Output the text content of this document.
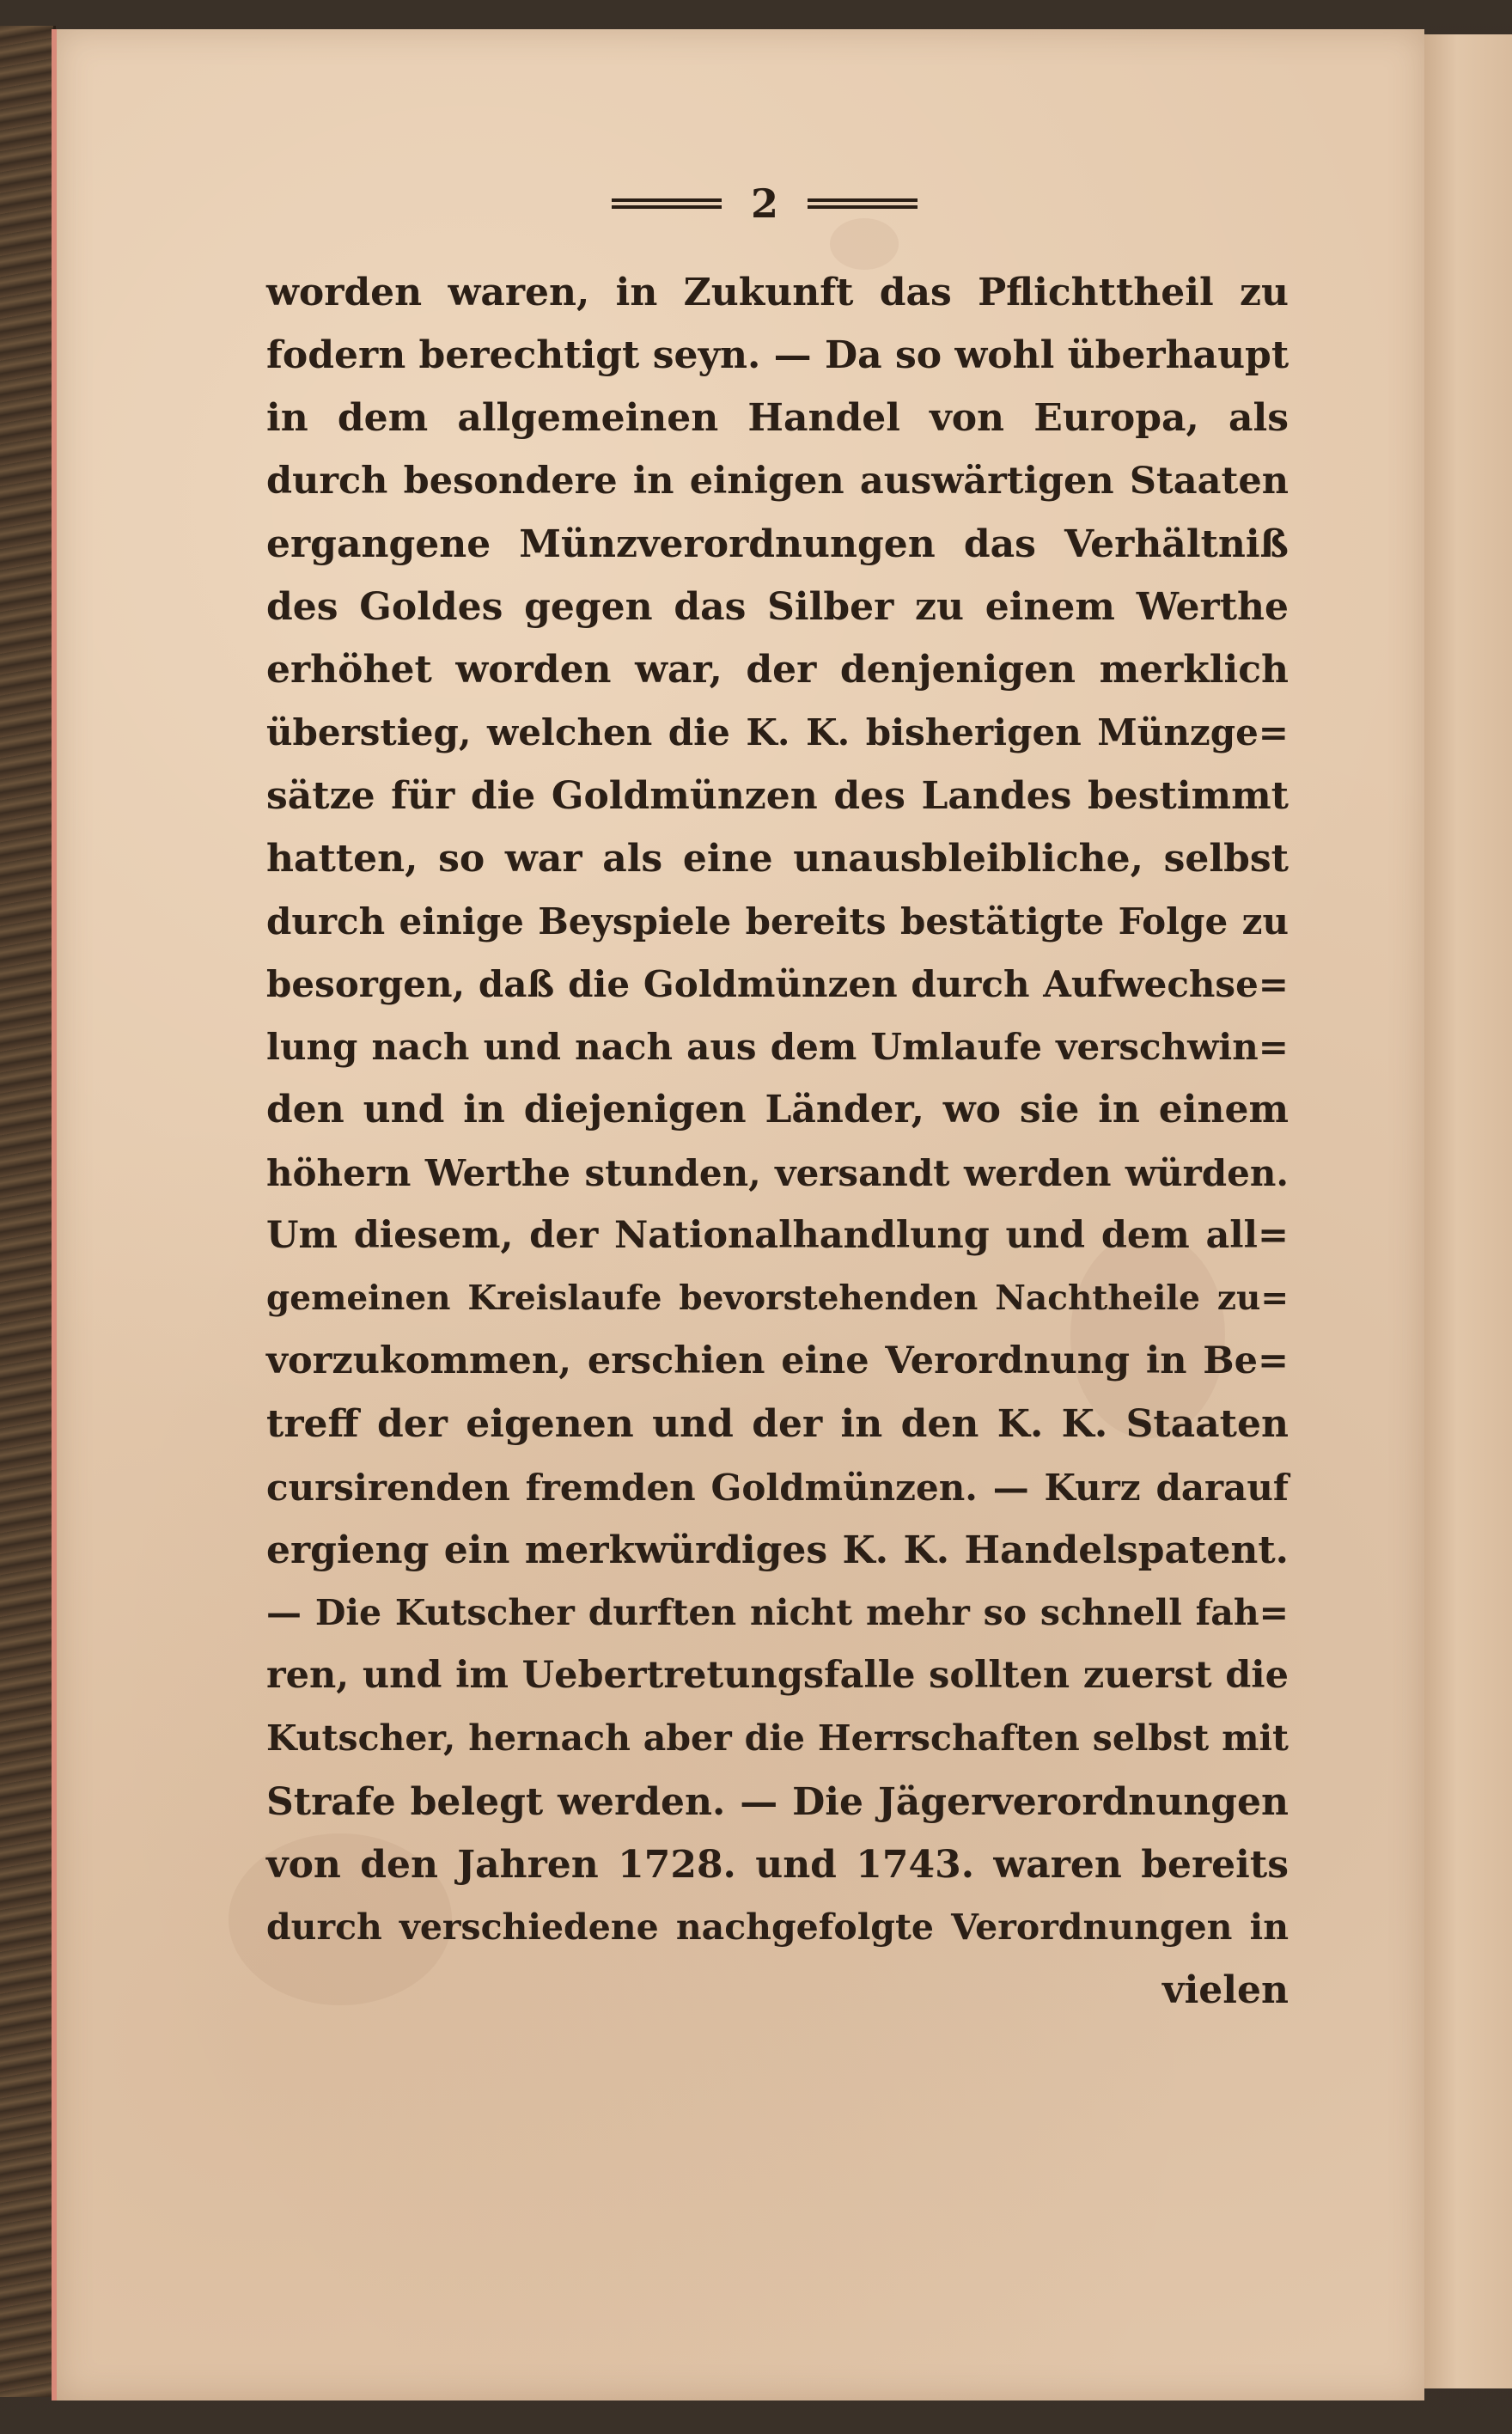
2
worden waren, in Zukunft das Pflichttheil zu
fodern berechtigt seyn. — Da so wohl überhaupt
in dem allgemeinen Handel von Europa, als
durch besondere in einigen auswärtigen Staaten
ergangene Münzverordnungen das Verhältniß
des Goldes gegen das Silber zu einem Werthe
erhöhet worden war, der denjenigen merklich
überstieg, welchen die K. K. bisherigen Münzge=
sätze für die Goldmünzen des Landes bestimmt
hatten, so war als eine unausbleibliche, selbst
durch einige Beyspiele bereits bestätigte Folge zu
besorgen, daß die Goldmünzen durch Aufwechse=
lung nach und nach aus dem Umlaufe verschwin=
den und in diejenigen Länder, wo sie in einem
höhern Werthe stunden, versandt werden würden.
Um diesem, der Nationalhandlung und dem all=
gemeinen Kreislaufe bevorstehenden Nachtheile zu=
vorzukommen, erschien eine Verordnung in Be=
treff der eigenen und der in den K. K. Staaten
cursirenden fremden Goldmünzen. — Kurz darauf
ergieng ein merkwürdiges K. K. Handelspatent.
— Die Kutscher durften nicht mehr so schnell fah=
ren, und im Uebertretungsfalle sollten zuerst die
Kutscher, hernach aber die Herrschaften selbst mit
Strafe belegt werden. — Die Jägerverordnungen
von den Jahren 1728. und 1743. waren bereits
durch verschiedene nachgefolgte Verordnungen in
vielen
